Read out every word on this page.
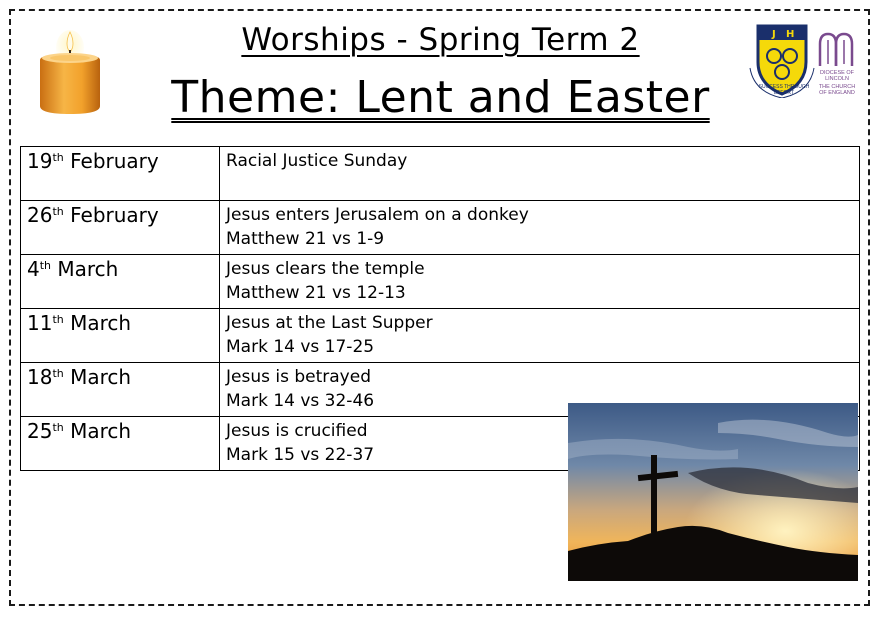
Worships - Spring Term 2
Theme: Lent and Easter
J H
SUCCESS THROUGH EFFORT
DIOCESE OF LINCOLN
THE CHURCH OF ENGLAND
19th February	Racial Justice Sunday

26th February	Jesus enters Jerusalem on a donkey
Matthew 21 vs 1-9

4th March	Jesus clears the temple
Matthew 21 vs 12-13

11th March	Jesus at the Last Supper
Mark 14 vs 17-25

18th March	Jesus is betrayed
Mark 14 vs 32-46

25th March	Jesus is crucified
Mark 15 vs 22-37
